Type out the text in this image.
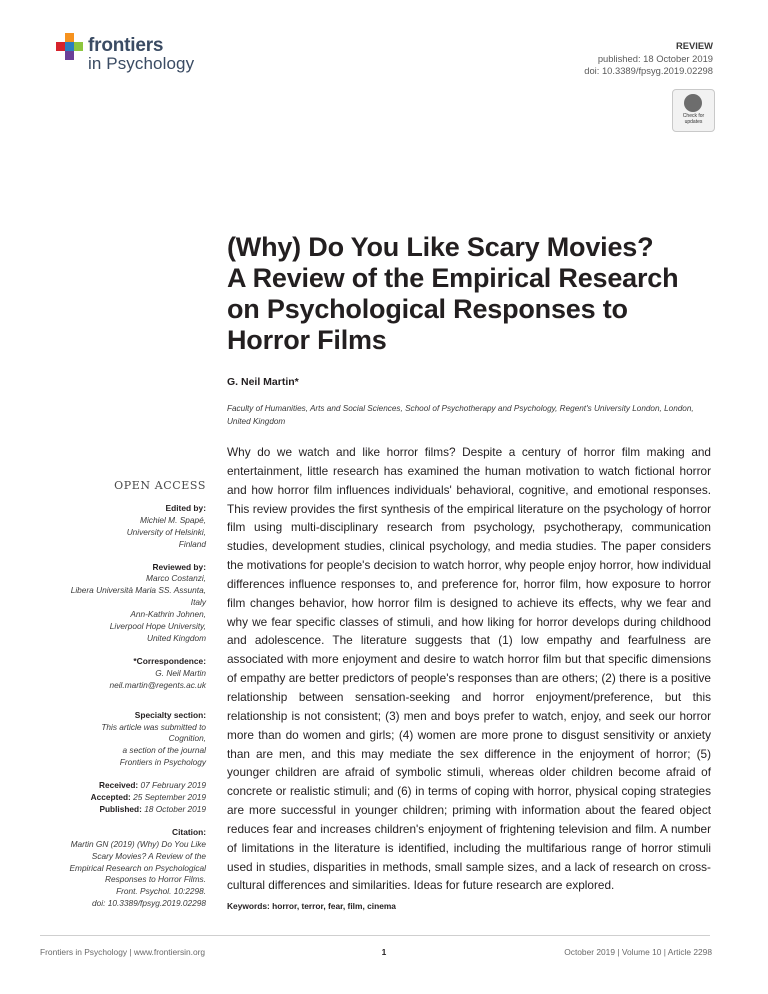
frontiers
in Psychology
REVIEW
published: 18 October 2019
doi: 10.3389/fpsyg.2019.02298
Check for
updates
(Why) Do You Like Scary Movies?
A Review of the Empirical Research
on Psychological Responses to
Horror Films
G. Neil Martin*
Faculty of Humanities, Arts and Social Sciences, School of Psychotherapy and Psychology, Regent's University London, London, United Kingdom
OPEN ACCESS
Edited by:
Michiel M. Spapé,
University of Helsinki,
Finland
Reviewed by:
Marco Costanzi,
Libera Università Maria SS. Assunta,
Italy
Ann-Kathrin Johnen,
Liverpool Hope University,
United Kingdom
*Correspondence:
G. Neil Martin
neil.martin@regents.ac.uk
Specialty section:
This article was submitted to
Cognition,
a section of the journal
Frontiers in Psychology
Received: 07 February 2019
Accepted: 25 September 2019
Published: 18 October 2019
Citation:
Martin GN (2019) (Why) Do You Like
Scary Movies? A Review of the
Empirical Research on Psychological
Responses to Horror Films.
Front. Psychol. 10:2298.
doi: 10.3389/fpsyg.2019.02298
Why do we watch and like horror films? Despite a century of horror film making and entertainment, little research has examined the human motivation to watch fictional horror and how horror film influences individuals' behavioral, cognitive, and emotional responses. This review provides the first synthesis of the empirical literature on the psychology of horror film using multi-disciplinary research from psychology, psychotherapy, communication studies, development studies, clinical psychology, and media studies. The paper considers the motivations for people's decision to watch horror, why people enjoy horror, how individual differences influence responses to, and preference for, horror film, how exposure to horror film changes behavior, how horror film is designed to achieve its effects, why we fear and why we fear specific classes of stimuli, and how liking for horror develops during childhood and adolescence. The literature suggests that (1) low empathy and fearfulness are associated with more enjoyment and desire to watch horror film but that specific dimensions of empathy are better predictors of people's responses than are others; (2) there is a positive relationship between sensation-seeking and horror enjoyment/preference, but this relationship is not consistent; (3) men and boys prefer to watch, enjoy, and seek our horror more than do women and girls; (4) women are more prone to disgust sensitivity or anxiety than are men, and this may mediate the sex difference in the enjoyment of horror; (5) younger children are afraid of symbolic stimuli, whereas older children become afraid of concrete or realistic stimuli; and (6) in terms of coping with horror, physical coping strategies are more successful in younger children; priming with information about the feared object reduces fear and increases children's enjoyment of frightening television and film. A number of limitations in the literature is identified, including the multifarious range of horror stimuli used in studies, disparities in methods, small sample sizes, and a lack of research on cross-cultural differences and similarities. Ideas for future research are explored.
Keywords: horror, terror, fear, film, cinema
Frontiers in Psychology | www.frontiersin.org	1	October 2019 | Volume 10 | Article 2298
